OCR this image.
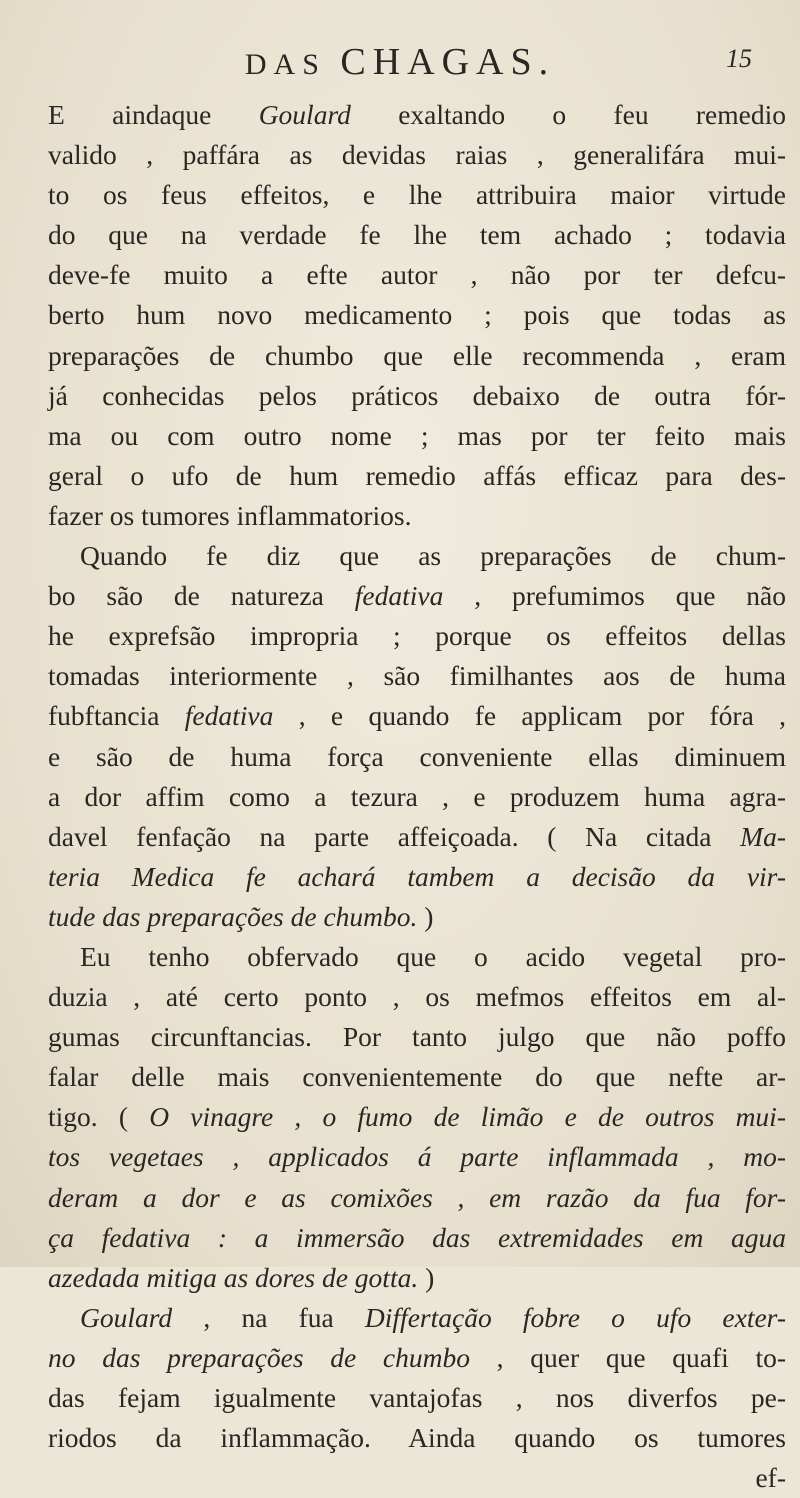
DAS CHAGAS.	15
E aindaque Goulard exaltando o feu remedio
valido , paffára as devidas raias , generalifára mui-
to os feus effeitos, e lhe attribuira maior virtude
do que na verdade fe lhe tem achado ; todavia
deve-fe muito a efte autor , não por ter defcu-
berto hum novo medicamento ; pois que todas as
preparações de chumbo que elle recommenda , eram
já conhecidas pelos práticos debaixo de outra fór-
ma ou com outro nome ; mas por ter feito mais
geral o ufo de hum remedio affás efficaz para des-
fazer os tumores inflammatorios.
Quando fe diz que as preparações de chum-
bo são de natureza fedativa , prefumimos que não
he exprefsão impropria ; porque os effeitos dellas
tomadas interiormente , são fimilhantes aos de huma
fubftancia fedativa , e quando fe applicam por fóra ,
e são de huma força conveniente ellas diminuem
a dor affim como a tezura , e produzem huma agra-
davel fenfação na parte affeiçoada. ( Na citada Ma-
teria Medica fe achará tambem a decisão da vir-
tude das preparações de chumbo. )
Eu tenho obfervado que o acido vegetal pro-
duzia , até certo ponto , os mefmos effeitos em al-
gumas circunftancias. Por tanto julgo que não poffo
falar delle mais convenientemente do que nefte ar-
tigo. ( O vinagre , o fumo de limão e de outros mui-
tos vegetaes , applicados á parte inflammada , mo-
deram a dor e as comixões , em razão da fua for-
ça fedativa : a immersão das extremidades em agua
azedada mitiga as dores de gotta. )
Goulard , na fua Differtação fobre o ufo exter-
no das preparações de chumbo , quer que quafi to-
das fejam igualmente vantajofas , nos diverfos pe-
riodos da inflammação. Ainda quando os tumores
ef-
